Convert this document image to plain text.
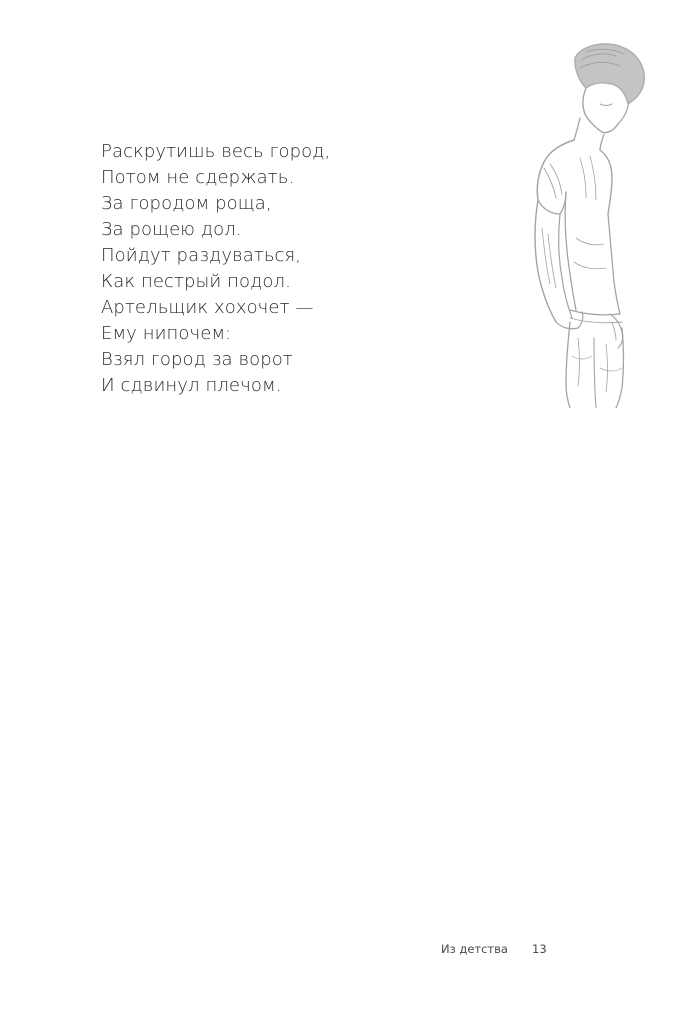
Раскрутишь весь город,
Потом не сдержать.
За городом роща,
За рощею дол.
Пойдут раздуваться,
Как пестрый подол.
Артельщик хохочет —
Ему нипочем:
Взял город за ворот
И сдвинул плечом.
Из детства 13
